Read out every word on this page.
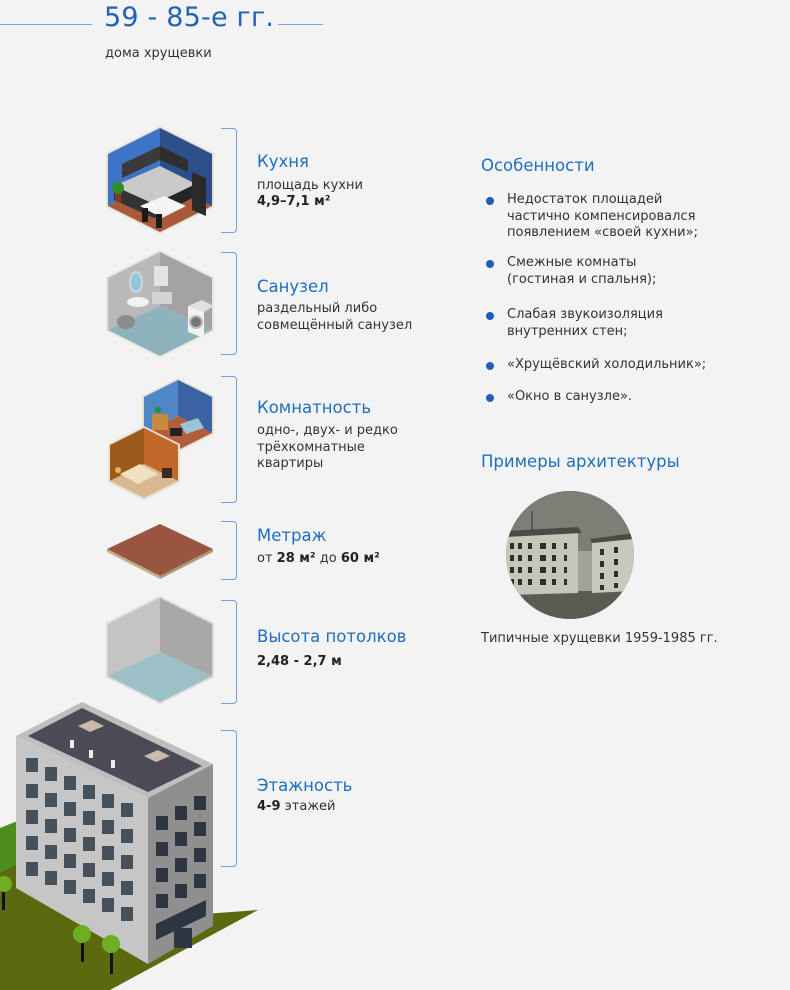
59 - 85-е гг.
дома хрущевки
Кухня
площадь кухни
4,9–7,1 м²
Санузел
раздельный либо
совмещённый санузел
Комнатность
одно-, двух- и редко
трёхкомнатные
квартиры
Метраж
от 28 м² до 60 м²
Высота потолков
2,48 - 2,7 м
Этажность
4-9 этажей
Особенности
Недостаток площадей
частично компенсировался
появлением «своей кухни»;
Смежные комнаты
(гостиная и спальня);
Слабая звукоизоляция
внутренних стен;
«Хрущёвский холодильник»;
«Окно в санузле».
Примеры архитектуры
Типичные хрущевки 1959-1985 гг.
